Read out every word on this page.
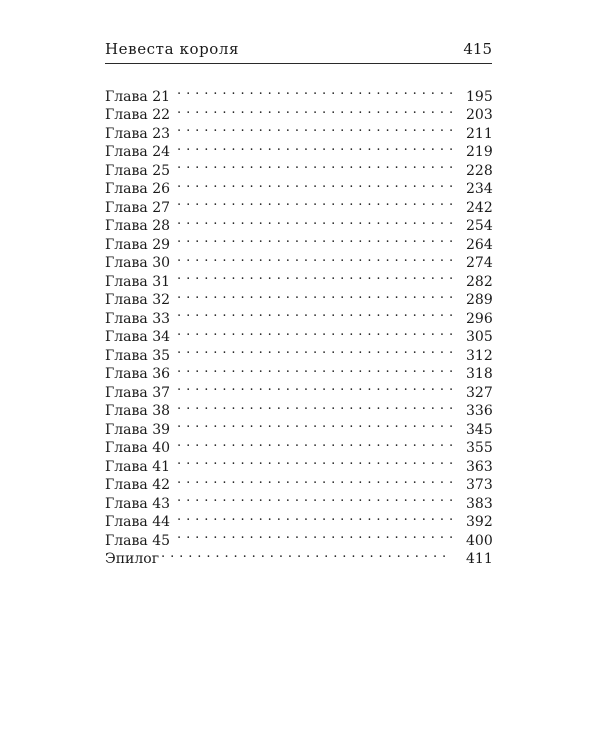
Невеста короля	415
Глава 21 . . .	195
Глава 22 . . .	203
Глава 23 . . .	211
Глава 24 . . .	219
Глава 25 . . .	228
Глава 26 . . .	234
Глава 27 . . .	242
Глава 28 . . .	254
Глава 29 . . .	264
Глава 30 . . .	274
Глава 31 . . .	282
Глава 32 . . .	289
Глава 33 . . .	296
Глава 34 . . .	305
Глава 35 . . .	312
Глава 36 . . .	318
Глава 37 . . .	327
Глава 38 . . .	336
Глава 39 . . .	345
Глава 40 . . .	355
Глава 41 . . .	363
Глава 42 . . .	373
Глава 43 . . .	383
Глава 44 . . .	392
Глава 45 . . .	400
Эпилог . . .	411
